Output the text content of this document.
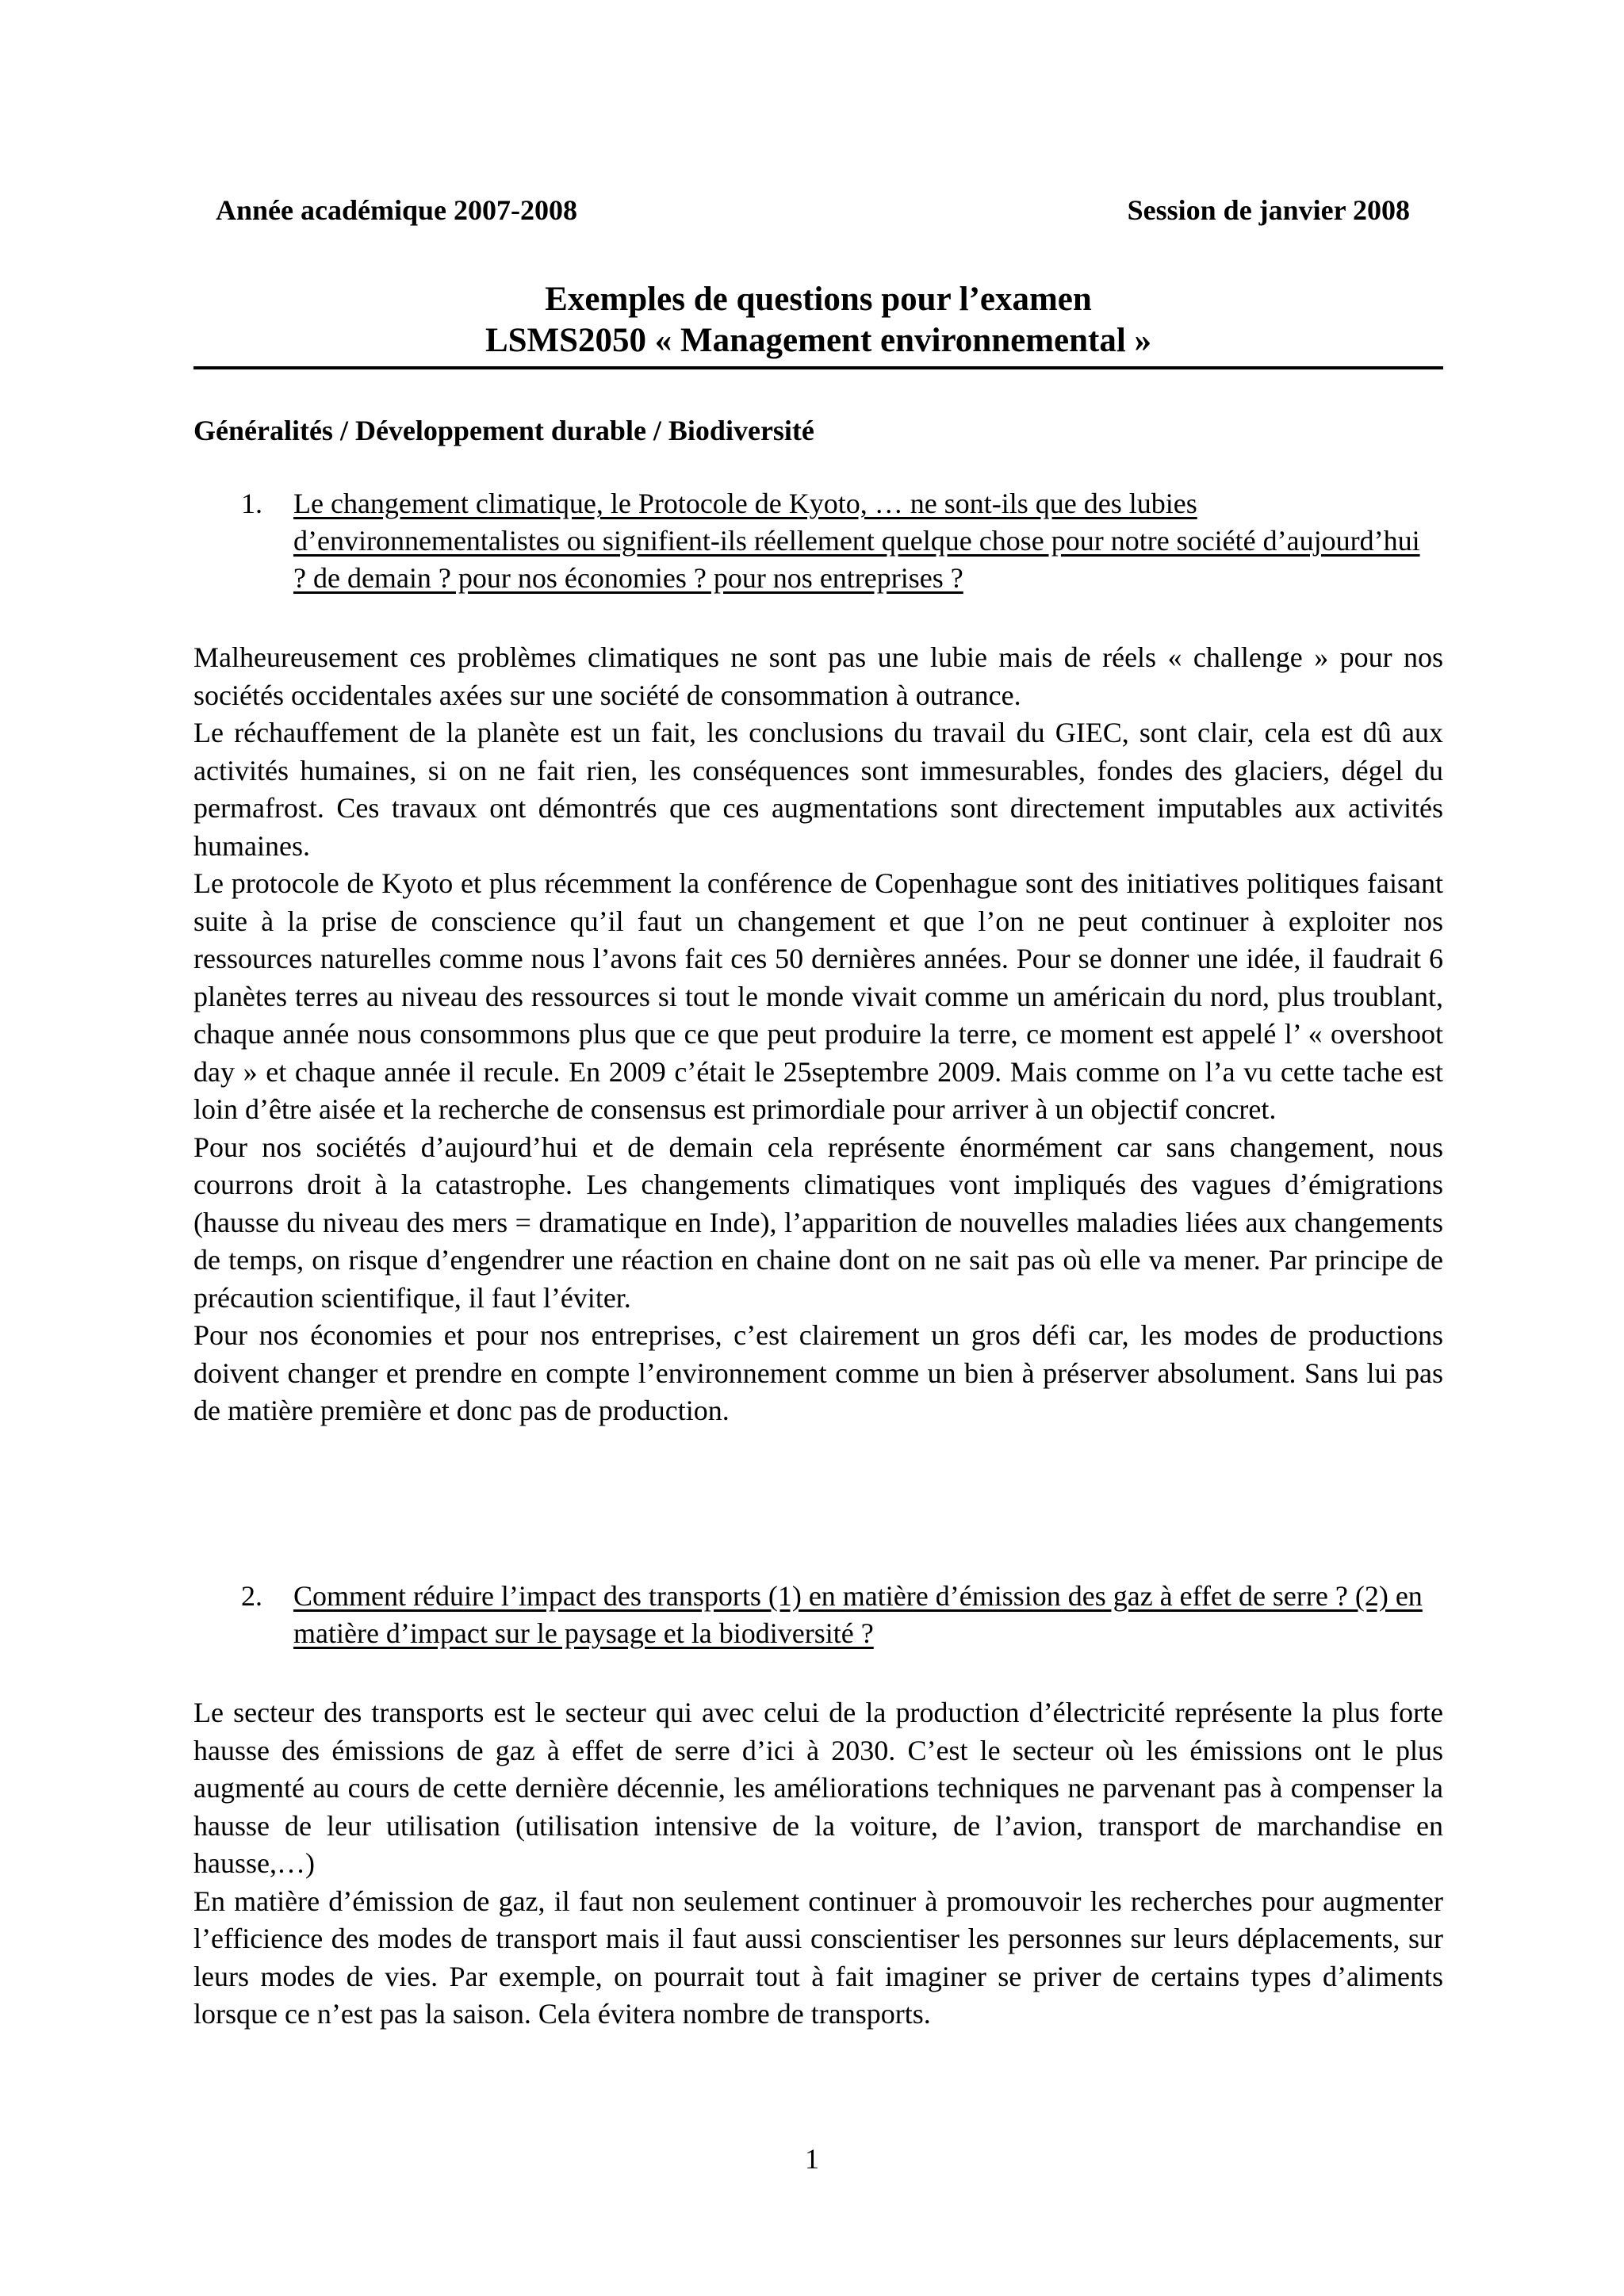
Année académique 2007-2008	Session de janvier 2008
Exemples de questions pour l’examen
LSMS2050 « Management environnemental »
Généralités / Développement durable / Biodiversité
1. Le changement climatique, le Protocole de Kyoto, … ne sont-ils que des lubies d’environnementalistes ou signifient-ils réellement quelque chose pour notre société d’aujourd’hui ? de demain ? pour nos économies ? pour nos entreprises ?

Malheureusement ces problèmes climatiques ne sont pas une lubie mais de réels « challenge » pour nos sociétés occidentales axées sur une société de consommation à outrance.

Le réchauffement de la planète est un fait, les conclusions du travail du GIEC, sont clair, cela est dû aux activités humaines, si on ne fait rien, les conséquences sont immesurables, fondes des glaciers, dégel du permafrost. Ces travaux ont démontrés que ces augmentations sont directement imputables aux activités humaines.

Le protocole de Kyoto et plus récemment la conférence de Copenhague sont des initiatives politiques faisant suite à la prise de conscience qu’il faut un changement et que l’on ne peut continuer à exploiter nos ressources naturelles comme nous l’avons fait ces 50 dernières années. Pour se donner une idée, il faudrait 6 planètes terres au niveau des ressources si tout le monde vivait comme un américain du nord, plus troublant, chaque année nous consommons plus que ce que peut produire la terre, ce moment est appelé l’ « overshoot day » et chaque année il recule. En 2009 c’était le 25septembre 2009. Mais comme on l’a vu cette tache est loin d’être aisée et la recherche de consensus est primordiale pour arriver à un objectif concret.

Pour nos sociétés d’aujourd’hui et de demain cela représente énormément car sans changement, nous courrons droit à la catastrophe. Les changements climatiques vont impliqués des vagues d’émigrations (hausse du niveau des mers = dramatique en Inde), l’apparition de nouvelles maladies liées aux changements de temps, on risque d’engendrer une réaction en chaine dont on ne sait pas où elle va mener. Par principe de précaution scientifique, il faut l’éviter.

Pour nos économies et pour nos entreprises, c’est clairement un gros défi car, les modes de productions doivent changer et prendre en compte l’environnement comme un bien à préserver absolument. Sans lui pas de matière première et donc pas de production.

2. Comment réduire l’impact des transports (1) en matière d’émission des gaz à effet de serre ? (2) en matière d’impact sur le paysage et la biodiversité ?

Le secteur des transports est le secteur qui avec celui de la production d’électricité représente la plus forte hausse des émissions de gaz à effet de serre d’ici à 2030. C’est le secteur où les émissions ont le plus augmenté au cours de cette dernière décennie, les améliorations techniques ne parvenant pas à compenser la hausse de leur utilisation (utilisation intensive de la voiture, de l’avion, transport de marchandise en hausse,…)

En matière d’émission de gaz, il faut non seulement continuer à promouvoir les recherches pour augmenter l’efficience des modes de transport mais il faut aussi conscientiser les personnes sur leurs déplacements, sur leurs modes de vies. Par exemple, on pourrait tout à fait imaginer se priver de certains types d’aliments lorsque ce n’est pas la saison. Cela évitera nombre de transports.

1
